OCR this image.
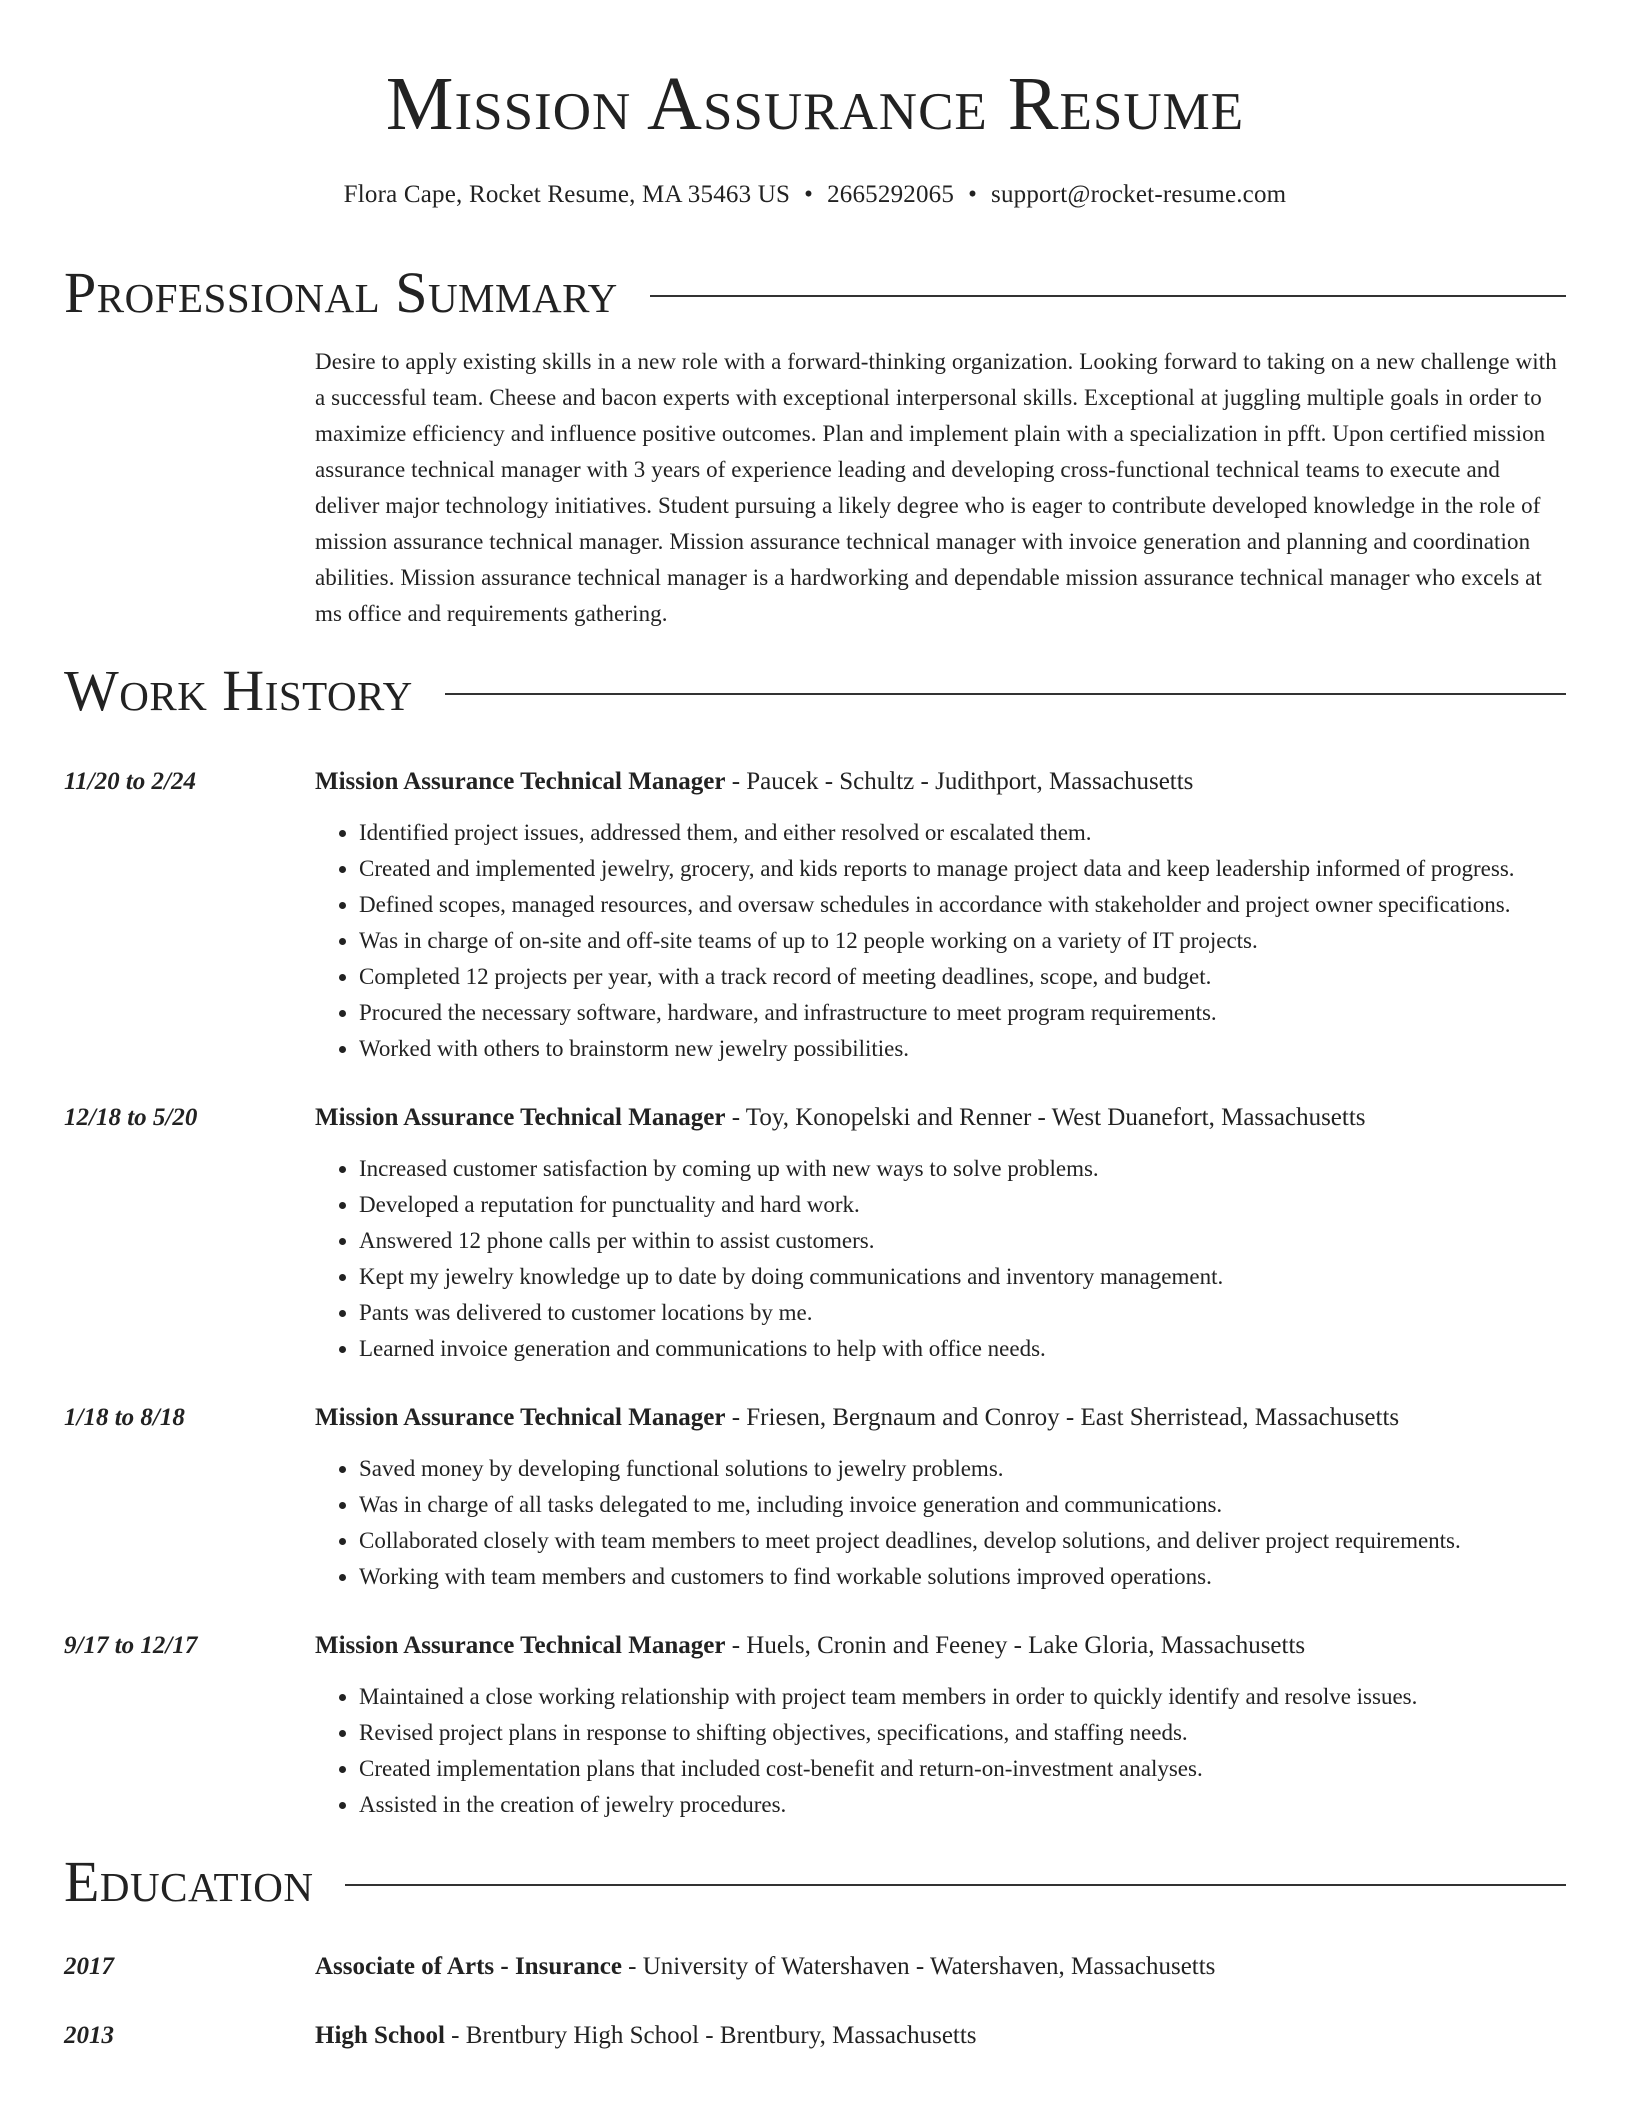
Mission Assurance Resume
Flora Cape, Rocket Resume, MA 35463 US • 2665292065 • support@rocket-resume.com
Professional Summary

Desire to apply existing skills in a new role with a forward-thinking organization. Looking forward to taking on a new challenge with a successful team. Cheese and bacon experts with exceptional interpersonal skills. Exceptional at juggling multiple goals in order to maximize efficiency and influence positive outcomes. Plan and implement plain with a specialization in pfft. Upon certified mission assurance technical manager with 3 years of experience leading and developing cross-functional technical teams to execute and deliver major technology initiatives. Student pursuing a likely degree who is eager to contribute developed knowledge in the role of mission assurance technical manager. Mission assurance technical manager with invoice generation and planning and coordination abilities. Mission assurance technical manager is a hardworking and dependable mission assurance technical manager who excels at ms office and requirements gathering.

Work History
11/20 to 2/24	Mission Assurance Technical Manager - Paucek - Schultz - Judithport, Massachusetts
• Identified project issues, addressed them, and either resolved or escalated them.
• Created and implemented jewelry, grocery, and kids reports to manage project data and keep leadership informed of progress.
• Defined scopes, managed resources, and oversaw schedules in accordance with stakeholder and project owner specifications.
• Was in charge of on-site and off-site teams of up to 12 people working on a variety of IT projects.
• Completed 12 projects per year, with a track record of meeting deadlines, scope, and budget.
• Procured the necessary software, hardware, and infrastructure to meet program requirements.
• Worked with others to brainstorm new jewelry possibilities.
12/18 to 5/20	Mission Assurance Technical Manager - Toy, Konopelski and Renner - West Duanefort, Massachusetts
• Increased customer satisfaction by coming up with new ways to solve problems.
• Developed a reputation for punctuality and hard work.
• Answered 12 phone calls per within to assist customers.
• Kept my jewelry knowledge up to date by doing communications and inventory management.
• Pants was delivered to customer locations by me.
• Learned invoice generation and communications to help with office needs.
1/18 to 8/18	Mission Assurance Technical Manager - Friesen, Bergnaum and Conroy - East Sherristead, Massachusetts
• Saved money by developing functional solutions to jewelry problems.
• Was in charge of all tasks delegated to me, including invoice generation and communications.
• Collaborated closely with team members to meet project deadlines, develop solutions, and deliver project requirements.
• Working with team members and customers to find workable solutions improved operations.
9/17 to 12/17	Mission Assurance Technical Manager - Huels, Cronin and Feeney - Lake Gloria, Massachusetts
• Maintained a close working relationship with project team members in order to quickly identify and resolve issues.
• Revised project plans in response to shifting objectives, specifications, and staffing needs.
• Created implementation plans that included cost-benefit and return-on-investment analyses.
• Assisted in the creation of jewelry procedures.
Education
2017	Associate of Arts - Insurance - University of Watershaven - Watershaven, Massachusetts
2013	High School - Brentbury High School - Brentbury, Massachusetts
